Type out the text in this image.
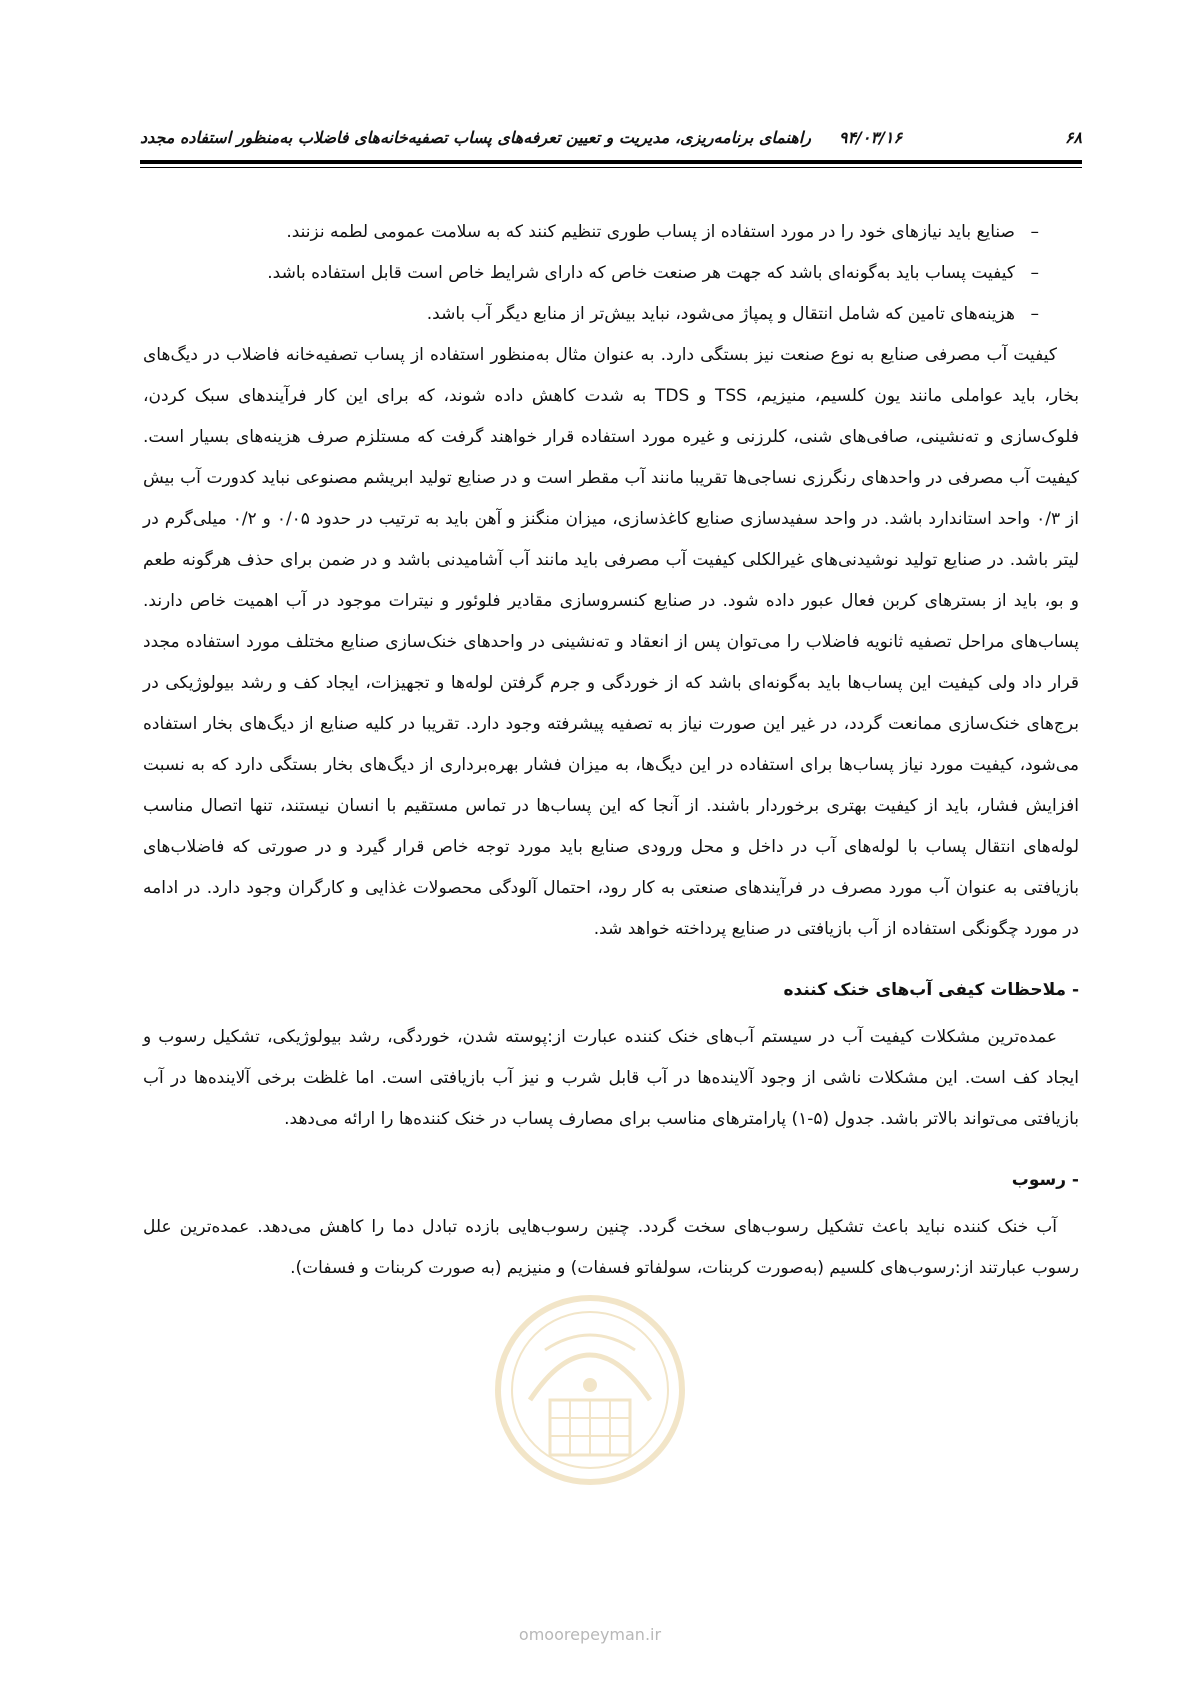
۶۸
۹۴/۰۳/۱۶     راهنمای برنامه‌ریزی، مدیریت و تعیین تعرفه‌های پساب تصفیه‌خانه‌های فاضلاب به‌منظور استفاده مجدد
–
صنایع باید نیازهای خود را در مورد استفاده از پساب طوری تنظیم کنند که به سلامت عمومی لطمه نزنند.
–
کیفیت پساب باید به‌گونه‌ای باشد که جهت هر صنعت خاص که دارای شرایط خاص است قابل استفاده باشد.
–
هزینه‌های تامین که شامل انتقال و پمپاژ می‌شود، نباید بیش‌تر از منابع دیگر آب باشد.

کیفیت آب مصرفی صنایع به نوع صنعت نیز بستگی دارد. به عنوان مثال به‌منظور استفاده از پساب تصفیه‌خانه فاضلاب در دیگ‌های بخار، باید عواملی مانند یون کلسیم، منیزیم، TSS و TDS به شدت کاهش داده شوند، که برای این کار فرآیندهای سبک کردن، فلوک‌سازی و ته‌نشینی، صافی‌های شنی، کلرزنی و غیره مورد استفاده قرار خواهند گرفت که مستلزم صرف هزینه‌های بسیار است. کیفیت آب مصرفی در واحدهای رنگرزی نساجی‌ها تقریبا مانند آب مقطر است و در صنایع تولید ابریشم مصنوعی نباید کدورت آب بیش از ۰/۳ واحد استاندارد باشد. در واحد سفیدسازی صنایع کاغذسازی، میزان منگنز و آهن باید به ترتیب در حدود ۰/۰۵ و ۰/۲ میلی‌گرم در لیتر باشد. در صنایع تولید نوشیدنی‌های غیرالکلی کیفیت آب مصرفی باید مانند آب آشامیدنی باشد و در ضمن برای حذف هرگونه طعم و بو، باید از بسترهای کربن فعال عبور داده شود. در صنایع کنسروسازی مقادیر فلوئور و نیترات موجود در آب اهمیت خاص دارند. پساب‌های مراحل تصفیه ثانویه فاضلاب را می‌توان پس از انعقاد و ته‌نشینی در واحدهای خنک‌سازی صنایع مختلف مورد استفاده مجدد قرار داد ولی کیفیت این پساب‌ها باید به‌گونه‌ای باشد که از خوردگی و جرم گرفتن لوله‌ها و تجهیزات، ایجاد کف و رشد بیولوژیکی در برج‌های خنک‌سازی ممانعت گردد، در غیر این صورت نیاز به تصفیه پیشرفته وجود دارد. تقریبا در کلیه صنایع از دیگ‌های بخار استفاده می‌شود، کیفیت مورد نیاز پساب‌ها برای استفاده در این دیگ‌ها، به میزان فشار بهره‌برداری از دیگ‌های بخار بستگی دارد که به نسبت افزایش فشار، باید از کیفیت بهتری برخوردار باشند. از آنجا که این پساب‌ها در تماس مستقیم با انسان نیستند، تنها اتصال مناسب لوله‌های انتقال پساب با لوله‌های آب در داخل و محل ورودی صنایع باید مورد توجه خاص قرار گیرد و در صورتی که فاضلاب‌های بازیافتی به عنوان آب مورد مصرف در فرآیندهای صنعتی به کار رود، احتمال آلودگی محصولات غذایی و کارگران وجود دارد. در ادامه در مورد چگونگی استفاده از آب بازیافتی در صنایع پرداخته خواهد شد.

- ملاحظات کیفی آب‌های خنک کننده

عمده‌ترین مشکلات کیفیت آب در سیستم آب‌های خنک کننده عبارت از:پوسته شدن، خوردگی، رشد بیولوژیکی، تشکیل رسوب و ایجاد کف است. این مشکلات ناشی از وجود آلاینده‌ها در آب قابل شرب و نیز آب بازیافتی است. اما غلظت برخی آلاینده‌ها در آب بازیافتی می‌تواند بالاتر باشد. جدول (۵-۱) پارامترهای مناسب برای مصارف پساب در خنک کننده‌ها را ارائه می‌دهد.

- رسوب

آب خنک کننده نباید باعث تشکیل رسوب‌های سخت گردد. چنین رسوب‌هایی بازده تبادل دما را کاهش می‌دهد. عمده‌ترین علل رسوب عبارتند از:رسوب‌های کلسیم (به‌صورت کربنات، سولفاتو فسفات) و منیزیم (به صورت کربنات و فسفات).

omoorepeyman.ir
